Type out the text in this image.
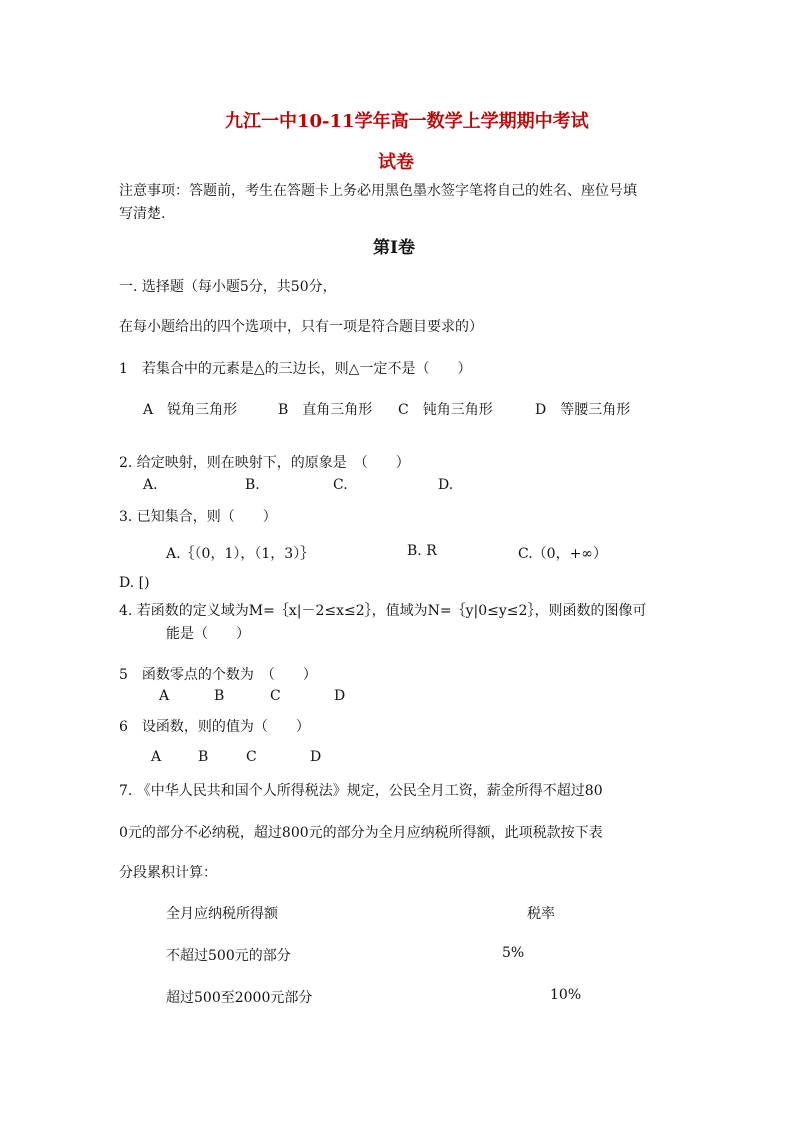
九江一中10-11学年高一数学上学期期中考试
试卷
注意事项：答题前，考生在答题卡上务必用黑色墨水签字笔将自己的姓名、座位号填
写清楚.
第Ⅰ卷
一. 选择题（每小题5分，共50分，
在每小题给出的四个选项中，只有一项是符合题目要求的）
1　若集合中的元素是△的三边长，则△一定不是（　　）
A　锐角三角形	B　直角三角形 C　钝角三角形	D　等腰三角形
2. 给定映射，则在映射下，的原象是　（　　）
A.	B.	C.	D.
3. 已知集合，则（　　）
A.｛（0，1），（1，3）｝	B. R	C.（0，+∞）
D. [)
4. 若函数的定义域为M=｛x|－2≤x≤2｝，值域为N=｛y|0≤y≤2｝，则函数的图像可
能是（　　）
5　函数零点的个数为　（　　）
A	B	C	D
6　设函数，则的值为（　　）
A	B	C	D
7. 《中华人民共和国个人所得税法》规定，公民全月工资，薪金所得不超过80
0元的部分不必纳税，超过800元的部分为全月应纳税所得额，此项税款按下表
分段累积计算：
全月应纳税所得额	税率
不超过500元的部分	5%
超过500至2000元部分	10%
